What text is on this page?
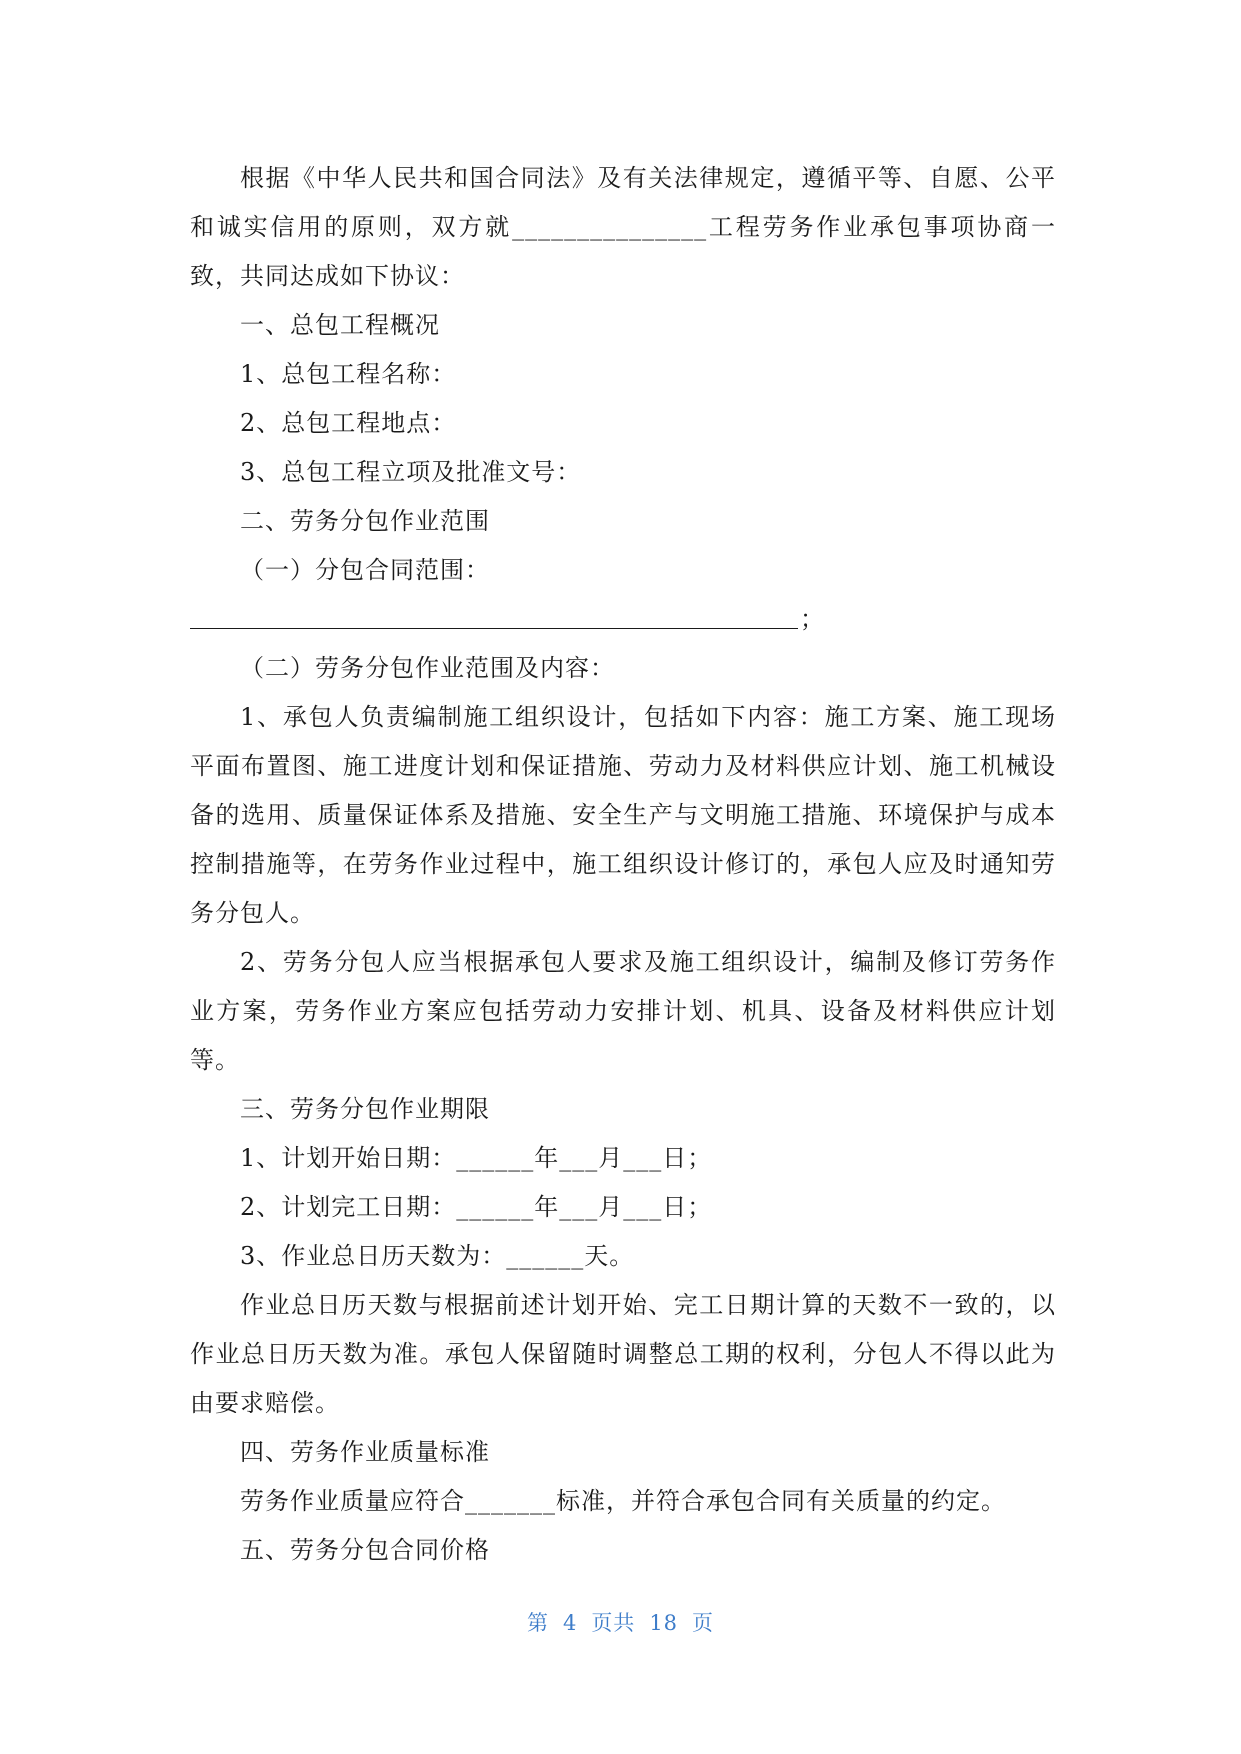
根据《中华人民共和国合同法》及有关法律规定，遵循平等、自愿、公平和诚实信用的原则，双方就_______________工程劳务作业承包事项协商一致，共同达成如下协议：

一、总包工程概况

1、总包工程名称：

2、总包工程地点：

3、总包工程立项及批准文号：

二、劳务分包作业范围

（一）分包合同范围：

；

（二）劳务分包作业范围及内容：

1、承包人负责编制施工组织设计，包括如下内容：施工方案、施工现场平面布置图、施工进度计划和保证措施、劳动力及材料供应计划、施工机械设备的选用、质量保证体系及措施、安全生产与文明施工措施、环境保护与成本控制措施等，在劳务作业过程中，施工组织设计修订的，承包人应及时通知劳务分包人。

2、劳务分包人应当根据承包人要求及施工组织设计，编制及修订劳务作业方案，劳务作业方案应包括劳动力安排计划、机具、设备及材料供应计划等。

三、劳务分包作业期限

1、计划开始日期：______年___月___日；

2、计划完工日期：______年___月___日；

3、作业总日历天数为：______天。

作业总日历天数与根据前述计划开始、完工日期计算的天数不一致的，以作业总日历天数为准。承包人保留随时调整总工期的权利，分包人不得以此为由要求赔偿。

四、劳务作业质量标准

劳务作业质量应符合_______标准，并符合承包合同有关质量的约定。

五、劳务分包合同价格

第 4 页共 18 页
